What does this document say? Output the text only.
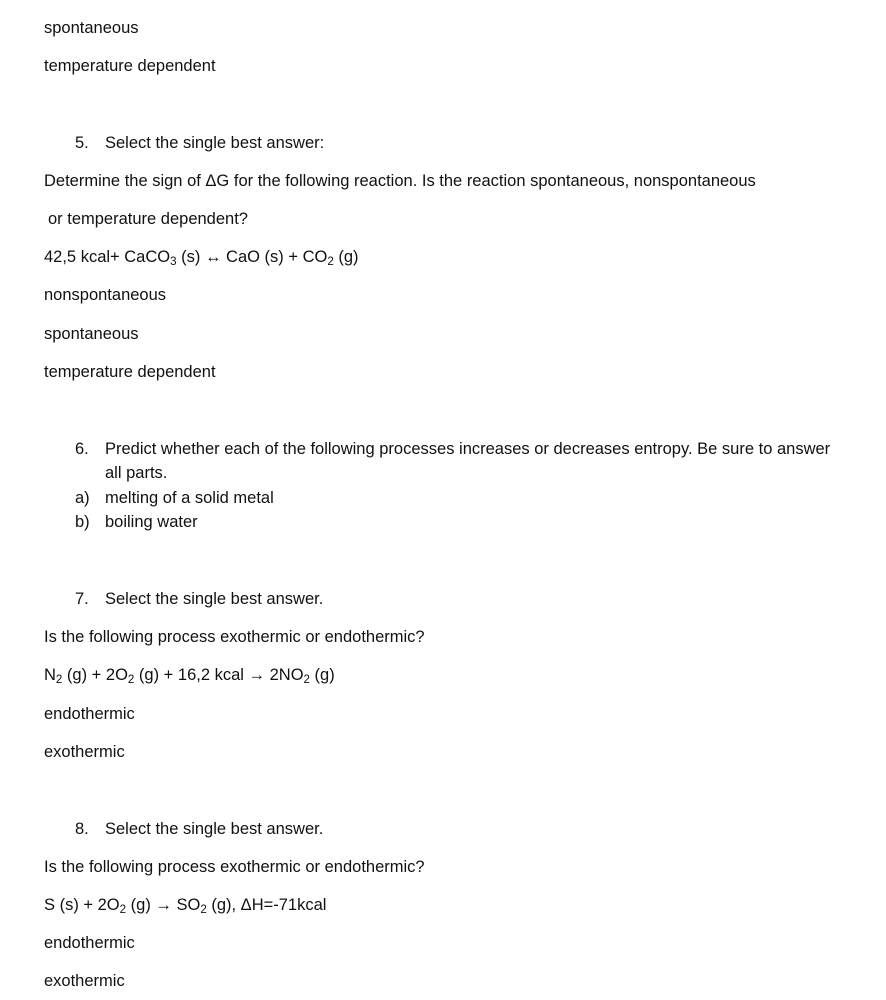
spontaneous
temperature dependent
5. Select the single best answer:
Determine the sign of ΔG for the following reaction. Is the reaction spontaneous, nonspontaneous
or temperature dependent?
42,5 kcal+ CaCO$_3$ (s) ↔ CaO $(s) + CO_2$ (g)
nonspontaneous
spontaneous
temperature dependent
6. Predict whether each of the following processes increases or decreases entropy. Be sure to answer
all parts.
a) melting of a solid metal
b) boiling water
7. Select the single best answer.
Is the following process exothermic or endothermic?
$N_2$ $(g) + 2O_2$ (g) + 16,2 kcal → $2NO_2$ (g)
endothermic
exothermic
8. Select the single best answer.
Is the following process exothermic or endothermic?
S $(s) + 2O_2$ $(g) \to SO_2$ (g), ΔH=-71kcal
endothermic
exothermic
